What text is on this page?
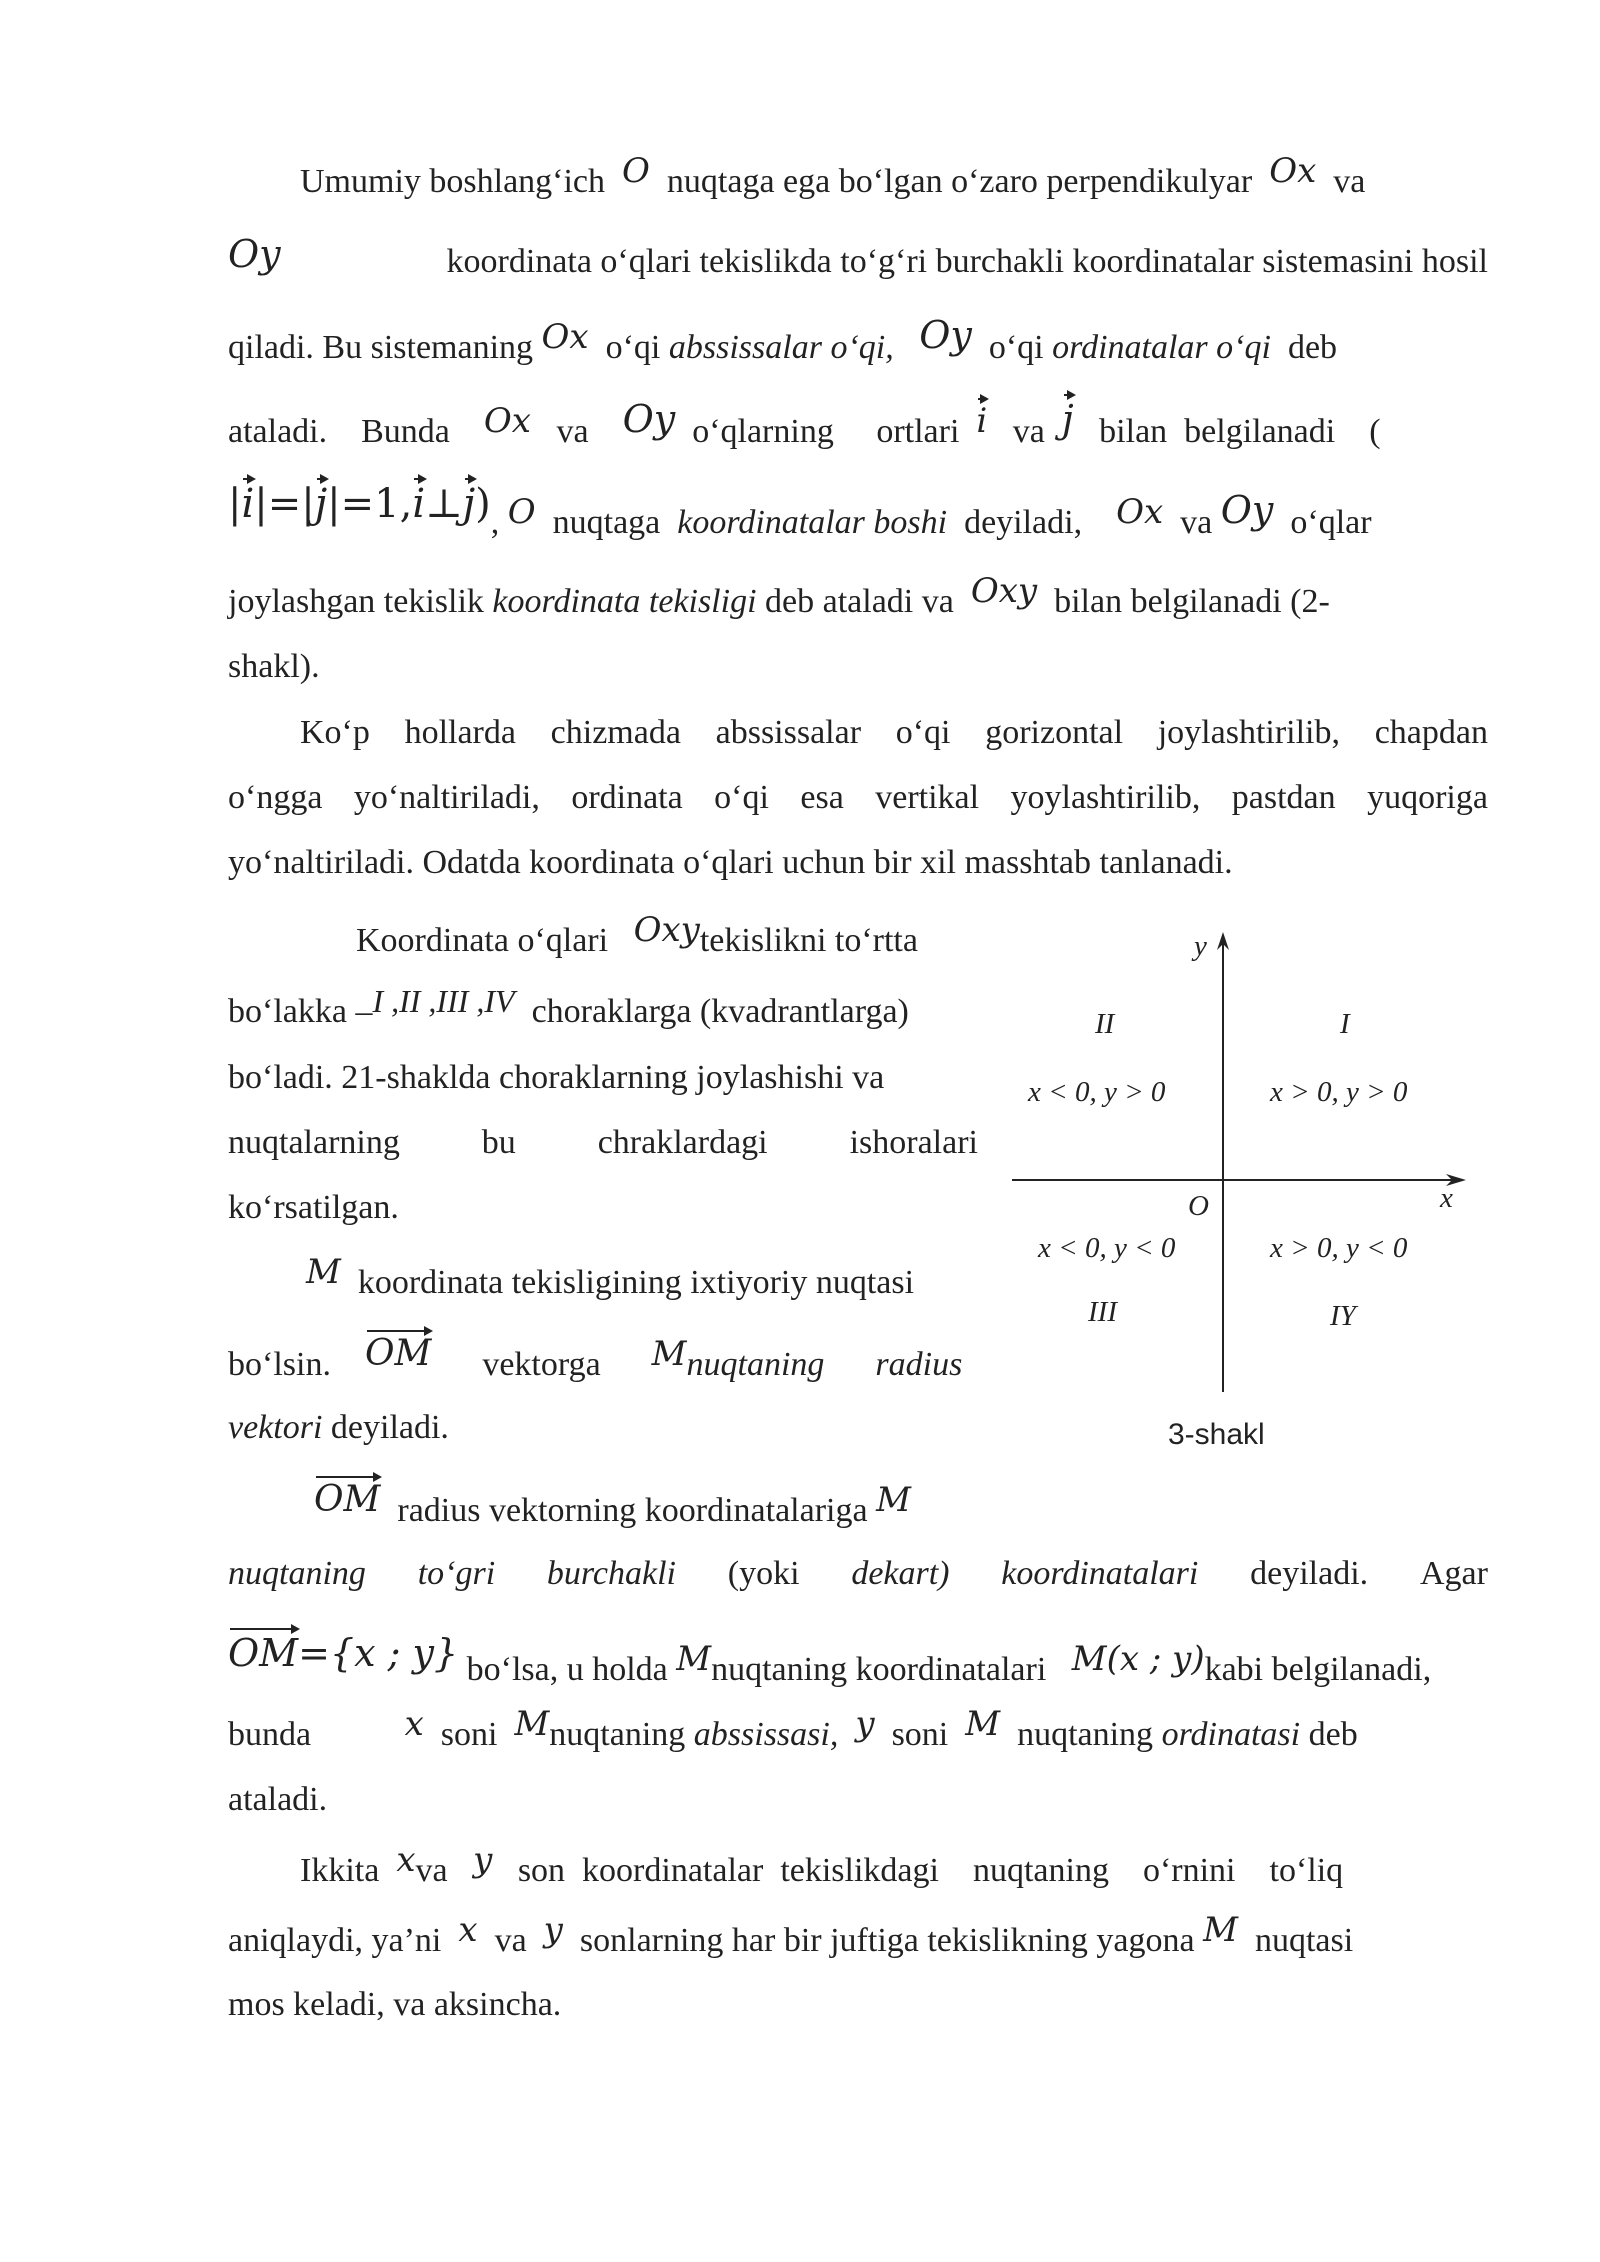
Umumiy boshlang‘ich O nuqtaga ega bo‘lgan o‘zaro perpendikulyar Ox va
Oy	koordinata o‘qlari tekislikda to‘g‘ri burchakli koordinatalar sistemasini hosil
qiladi. Bu sistemaning Ox o‘qi abssissalar o‘qi, Oy o‘qi ordinatalar o‘qi deb
ataladi. Bunda Ox va Oy o‘qlarning ortlari i va j bilan belgilanadi (
|i|=|j|=1,i⊥j), O nuqtaga koordinatalar boshi deyiladi, Ox va Oy o‘qlar
joylashgan tekislik koordinata tekisligi deb ataladi va Oxy bilan belgilanadi (2-
shakl).
Ko‘p hollarda chizmada abssissalar o‘qi gorizontal joylashtirilib, chapdan
o‘ngga yo‘naltiriladi, ordinata o‘qi esa vertikal yoylashtirilib, pastdan yuqoriga
yo‘naltiriladi. Odatda koordinata o‘qlari uchun bir xil masshtab tanlanadi.
Koordinata o‘qlari Oxytekislikni to‘rtta
bo‘lakka –I ,II ,III ,IV choraklarga (kvadrantlarga)
bo‘ladi. 21-shaklda choraklarning joylashishi va
nuqtalarning bu chraklardagi ishoralari
ko‘rsatilgan.
M koordinata tekisligining ixtiyoriy nuqtasi
bo‘lsin. OM vektorga Mnuqtaning radius
vektori deyiladi.
OM radius vektorning koordinatalariga M
nuqtaning to‘gri burchakli (yoki dekart) koordinatalari deyiladi. Agar
OM={x ; y} bo‘lsa, u holda Mnuqtaning koordinatalari M(x ; y)kabi belgilanadi,
bunda	x soni Mnuqtaning abssissasi, y soni M nuqtaning ordinatasi deb
ataladi.
Ikkita xva y son koordinatalar tekislikdagi nuqtaning o‘rnini to‘liq
aniqlaydi, ya’ni x va y sonlarning har bir juftiga tekislikning yagona M nuqtasi
mos keladi, va aksincha.
y
x
O
II	I
x < 0, y > 0	x > 0, y > 0
x < 0, y < 0	x > 0, y < 0
III	IY
3-shakl
